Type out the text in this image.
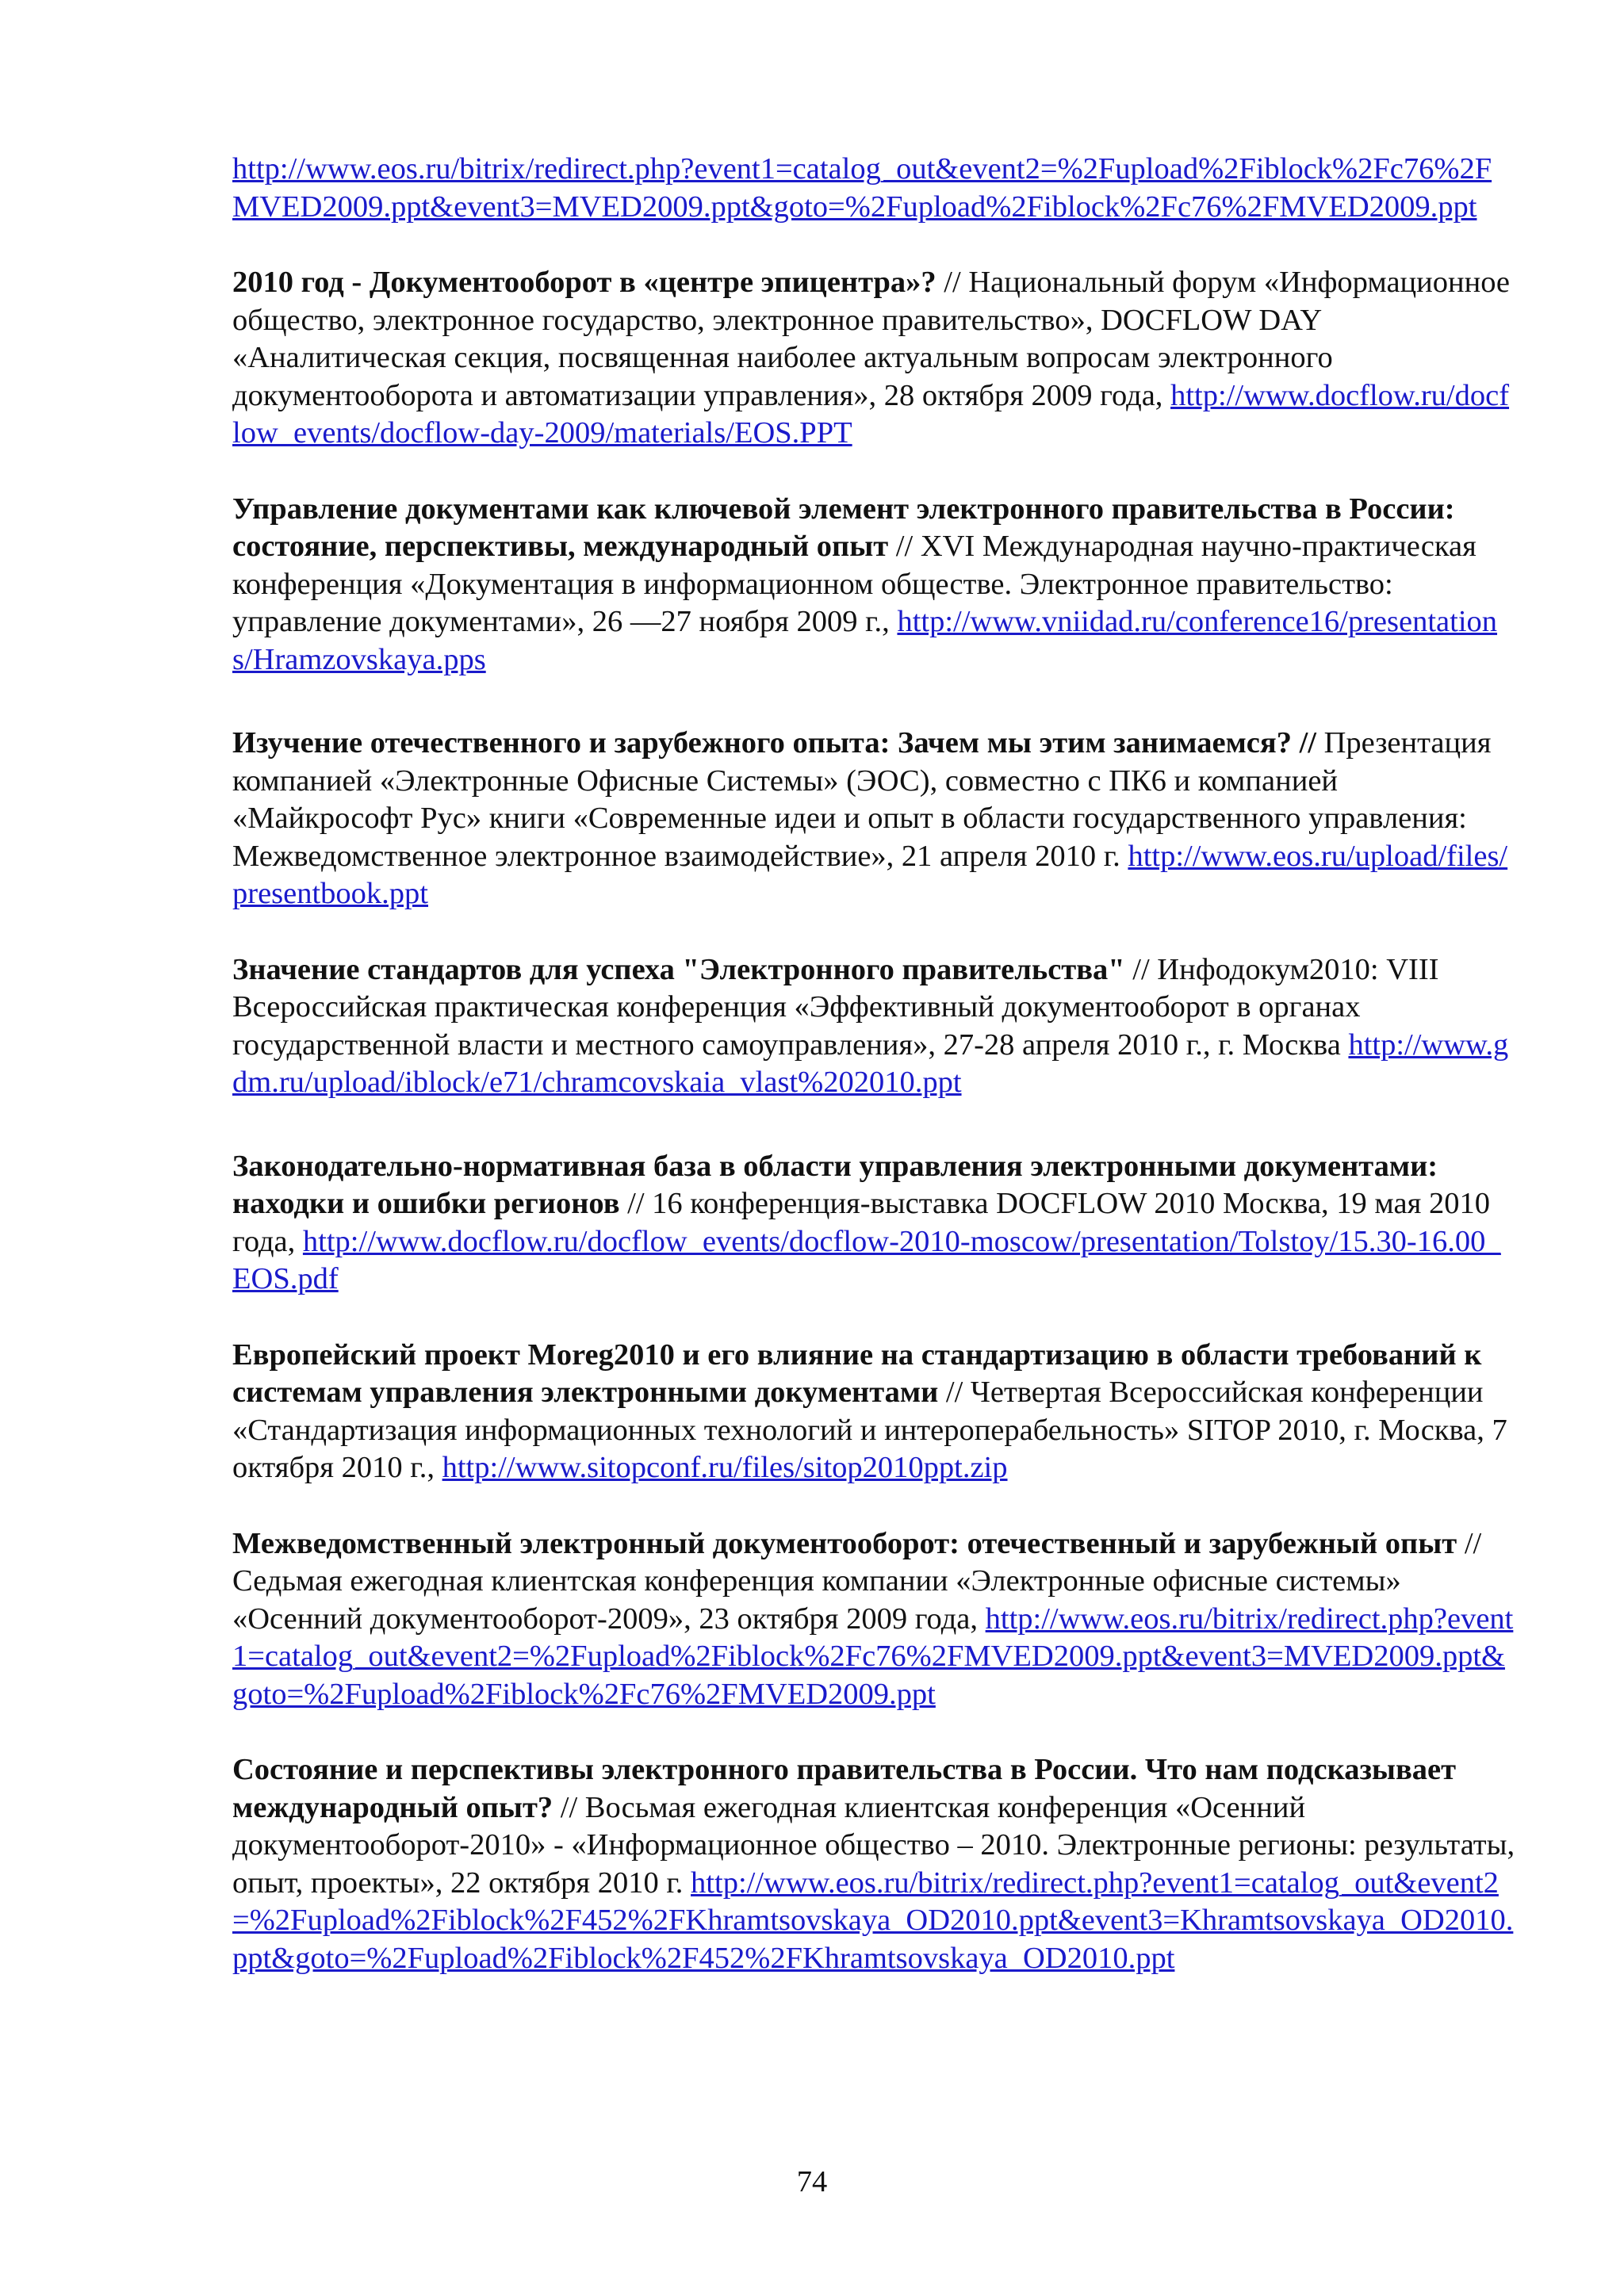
http://www.eos.ru/bitrix/redirect.php?event1=catalog_out&event2=%2Fupload%2Fiblock%2Fc76%2FMVED2009.ppt&event3=MVED2009.ppt&goto=%2Fupload%2Fiblock%2Fc76%2FMVED2009.ppt

2010 год - Документооборот в «центре эпицентра»? // Национальный форум «Информационное общество, электронное государство, электронное правительство», DOCFLOW DAY «Аналитическая секция, посвященная наиболее актуальным вопросам электронного документооборота и автоматизации управления», 28 октября 2009 года, http://www.docflow.ru/docflow_events/docflow-day-2009/materials/EOS.PPT

Управление документами как ключевой элемент электронного правительства в России: состояние, перспективы, международный опыт // XVI Международная научно-практическая конференция «Документация в информационном обществе. Электронное правительство: управление документами», 26 —27 ноября 2009 г., http://www.vniidad.ru/conference16/presentations/Hramzovskaya.pps

Изучение отечественного и зарубежного опыта: Зачем мы этим занимаемся? // Презентация компанией «Электронные Офисные Системы» (ЭОС), совместно с ПК6 и компанией «Майкрософт Рус» книги «Современные идеи и опыт в области государственного управления: Межведомственное электронное взаимодействие», 21 апреля 2010 г. http://www.eos.ru/upload/files/presentbook.ppt

Значение стандартов для успеха "Электронного правительства" // Инфодокум2010: VIII Всероссийская практическая конференция «Эффективный документооборот в органах государственной власти и местного самоуправления», 27-28 апреля 2010 г., г. Москва http://www.gdm.ru/upload/iblock/e71/chramcovskaia_vlast%202010.ppt

Законодательно-нормативная база в области управления электронными документами: находки и ошибки регионов // 16 конференция-выставка DOCFLOW 2010 Москва, 19 мая 2010 года, http://www.docflow.ru/docflow_events/docflow-2010-moscow/presentation/Tolstoy/15.30-16.00_EOS.pdf

Европейский проект Moreg2010 и его влияние на стандартизацию в области требований к системам управления электронными документами // Четвертая Всероссийская конференции «Стандартизация информационных технологий и интероперабельность» SITOP 2010, г. Москва, 7 октября 2010 г., http://www.sitopconf.ru/files/sitop2010ppt.zip

Межведомственный электронный документооборот: отечественный и зарубежный опыт // Седьмая ежегодная клиентская конференция компании «Электронные офисные системы» «Осенний документооборот-2009», 23 октября 2009 года, http://www.eos.ru/bitrix/redirect.php?event1=catalog_out&event2=%2Fupload%2Fiblock%2Fc76%2FMVED2009.ppt&event3=MVED2009.ppt&goto=%2Fupload%2Fiblock%2Fc76%2FMVED2009.ppt

Состояние и перспективы электронного правительства в России. Что нам подсказывает международный опыт? // Восьмая ежегодная клиентская конференция «Осенний документооборот-2010» - «Информационное общество – 2010. Электронные регионы: результаты, опыт, проекты», 22 октября 2010 г. http://www.eos.ru/bitrix/redirect.php?event1=catalog_out&event2=%2Fupload%2Fiblock%2F452%2FKhramtsovskaya_OD2010.ppt&event3=Khramtsovskaya_OD2010.ppt&goto=%2Fupload%2Fiblock%2F452%2FKhramtsovskaya_OD2010.ppt

74
